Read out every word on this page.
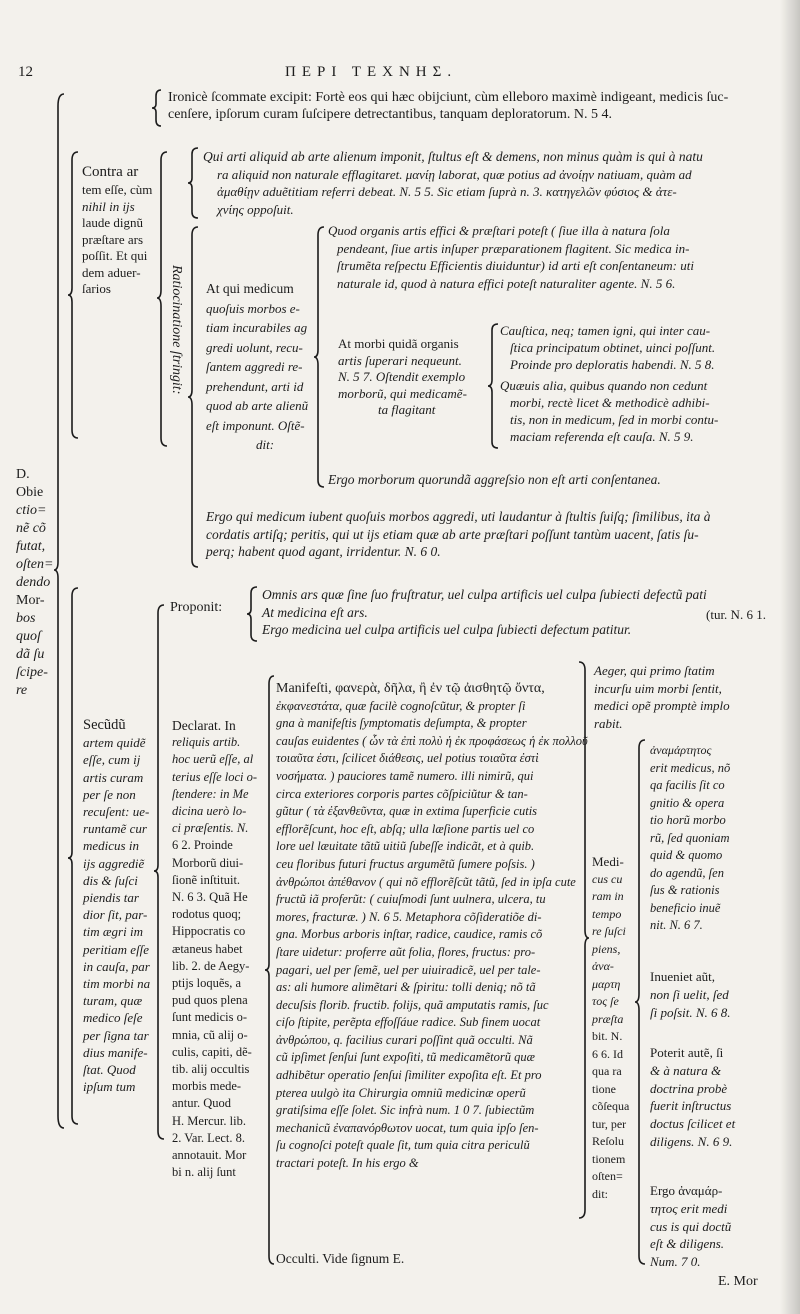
12	ΠΕΡΙ ΤΕΧΝΗΣ.
Ironicè ſcommate excipit: Fortè eos qui hæc obijciunt, cùm elleboro maximè indigeant, medicis ſuc-
cenſere, ipſorum curam ſuſcipere detrectantibus, tanquam deploratorum. N. 5 4.
Contra ar
tem eſſe, cùm
nihil in ijs
laude dignũ
præſtare ars
poſſit. Et qui
dem aduer-
ſarios	Ratiocinatione ſtringit:
Qui arti aliquid ab arte alienum imponit, ſtultus eſt & demens, non minus quàm is qui à natu
ra aliquid non naturale efflagitaret. μανίῃ laborat, quæ potius ad ἀνοίῃν natiuam, quàm ad
ἀμαθίῃν aduẽtitiam referri debeat. N. 5 5. Sic etiam ſuprà n. 3. κατηγελῶν φύσιος & ἀτε-
χνίης oppoſuit.
At qui medicum
quoſuis morbos e-
tiam incurabiles ag
gredi uolunt, recu-
ſantem aggredi re-
prehendunt, arti id
quod ab arte alienũ
eſt imponunt. Oſtẽ-
dit:
Quod organis artis effici & præſtari poteſt ( ſiue illa à natura ſola
pendeant, ſiue artis inſuper præparationem flagitent. Sic medica in-
ſtrumẽta reſpectu Efficientis diuiduntur) id arti eſt conſentaneum: uti
naturale id, quod à natura effici poteſt naturaliter agente. N. 5 6.
At morbi quidã organis
artis ſuperari nequeunt.
N. 5 7. Oſtendit exemplo
morborũ, qui medicamẽ-
ta flagitant
Cauſtica, neq; tamen igni, qui inter cau-
ſtica principatum obtinet, uinci poſſunt.
Proinde pro deploratis habendi. N. 5 8.
Quæuis alia, quibus quando non cedunt
morbi, rectè licet & methodicè adhibi-
tis, non in medicum, ſed in morbi contu-
maciam referenda eſt cauſa. N. 5 9.
Ergo morborum quorundã aggreſsio non eſt arti conſentanea.
Ergo qui medicum iubent quoſuis morbos aggredi, uti laudantur à ſtultis ſuiſq; ſimilibus, ita à
cordatis artiſq; peritis, qui ut ijs etiam quæ ab arte præſtari poſſunt tantùm uacent, ſatis ſu-
perq; habent quod agant, irridentur. N. 6 0.
D.
Obie
ctio=
nẽ cõ
futat,
oſten=
dendo
Mor-
bos
quoſ
dã ſu
ſcipe-
re
Proponit:
Omnis ars quæ ſine ſuo fruſtratur, uel culpa artificis uel culpa ſubiecti defectũ pati
At medicina eſt ars.
Ergo medicina uel culpa artificis uel culpa ſubiecti defectum patitur.
(tur. N. 6 1.
Secũdũ
artem quidẽ
eſſe, cum ij
artis curam
per ſe non
recuſent: ue-
runtamẽ cur
medicus in
ijs aggrediẽ
dis & ſuſci
piendis tar
dior ſit, par-
tim ægri im
peritiam eſſe
in cauſa, par
tim morbi na
turam, quæ
medico ſeſe
per ſigna tar
dius manife-
ſtat. Quod
ipſum tum
Declarat. In
reliquis artib.
hoc uerũ eſſe, al
terius eſſe loci o-
ſtendere: in Me
dicina uerò lo-
ci præſentis. N.
6 2. Proinde
Morborũ diui-
ſionẽ inſtituit.
N. 6 3. Quã He
rodotus quoq;
Hippocratis co
ætaneus habet
lib. 2. de Aegy-
ptijs loquẽs, a
pud quos plena
ſunt medicis o-
mnia, cũ alij o-
culis, capiti, dẽ-
tib. alij occultis
morbis mede-
antur. Quod
H. Mercur. lib.
2. Var. Lect. 8.
annotauit. Mor
bi n. alij ſunt
Manifeſti, φανερὰ, δῆλα, ἢ ἐν τῷ ἀισθητῷ ὄντα,
ἐκφανεστάτα, quæ facilè cognoſcũtur, & propter ſi
gna à manifeſtis ſymptomatis deſumpta, & propter
cauſas euidentes ( ὧν τὰ ἐπὶ πολὺ ἡ ἐκ προφάσεως ἡ ἐκ πολλοῦ
τοιαῦτα ἐστι, ſcilicet διάθεσις, uel potius τοιαῦτα ἐστὶ
νοσήματα. ) pauciores tamẽ numero. illi nimirũ, qui
circa exteriores corporis partes cõſpiciũtur & tan-
gũtur ( τὰ ἐξανθεῦντα, quæ in extima ſuperficie cutis
efflorẽſcunt, hoc eſt, abſq; ulla læſione partis uel co
lore uel læuitate tãtũ uitiũ ſubeſſe indicãt, et à quib.
ceu floribus futuri fructus argumẽtũ ſumere poſsis. )
ἀνθρώποι ἀπέθανον ( qui nõ efflorẽſcũt tãtũ, ſed in ipſa cute
fructũ iã proferũt: ( cuiuſmodi ſunt uulnera, ulcera, tu
mores, fracturæ. ) N. 6 5. Metaphora cõſideratiõe di-
gna. Morbus arboris inſtar, radice, caudice, ramis cõ
ſtare uidetur: proferre aũt folia, flores, fructus: pro-
pagari, uel per ſemẽ, uel per uiuiradicẽ, uel per tale-
as: ali humore alimẽtari & ſpiritu: tolli deniq; nõ tã
decuſsis florib. fructib. folijs, quã amputatis ramis, ſuc
ciſo ſtipite, perẽpta effoſſáue radice. Sub finem uocat
ἀνθρώπου, q. facilius curari poſſint quã occulti. Nã
cũ ipſimet ſenſui ſunt expoſiti, tũ medicamẽtorũ quæ
adhibẽtur operatio ſenſui ſimiliter expoſita eſt. Et pro
pterea uulgò ita Chirurgia omniũ medicinæ operũ
gratiſsima eſſe ſolet. Sic infrà num. 1 0 7. ſubiectũm
mechanicũ ἐναπανόρθωτον uocat, tum quia ipſo ſen-
ſu cognoſci poteſt quale ſit, tum quia citra periculũ
tractari poteſt. In his ergo &
Occulti. Vide ſignum E.
Aeger, qui primo ſtatim
incurſu uim morbi ſentit,
medici opẽ promptè implo
rabit.
Medi-
cus cu
ram in
tempo
re ſuſci
piens,
ἀνα-
μαρτη
τος ſe
præſta
bit. N.
6 6. Id
qua ra
tione
cõſequa
tur, per
Reſolu
tionem
oſten=
dit:
ἀναμάρτητος
erit medicus, nõ
qa facilis ſit co
gnitio & opera
tio horũ morbo
rũ, ſed quoniam
quid & quomo
do agendũ, ſen
ſus & rationis
beneficio inuẽ
nit. N. 6 7.
Inueniet aũt,
non ſi uelit, ſed
ſi poſsit. N. 6 8.
Poterit autẽ, ſi
& à natura &
doctrina probè
fuerit inſtructus
doctus ſcilicet et
diligens. N. 6 9.
Ergo ἀναμάρ-
τητος erit medi
cus is qui doctũ
eſt & diligens.
Num. 7 0.
E. Mor
